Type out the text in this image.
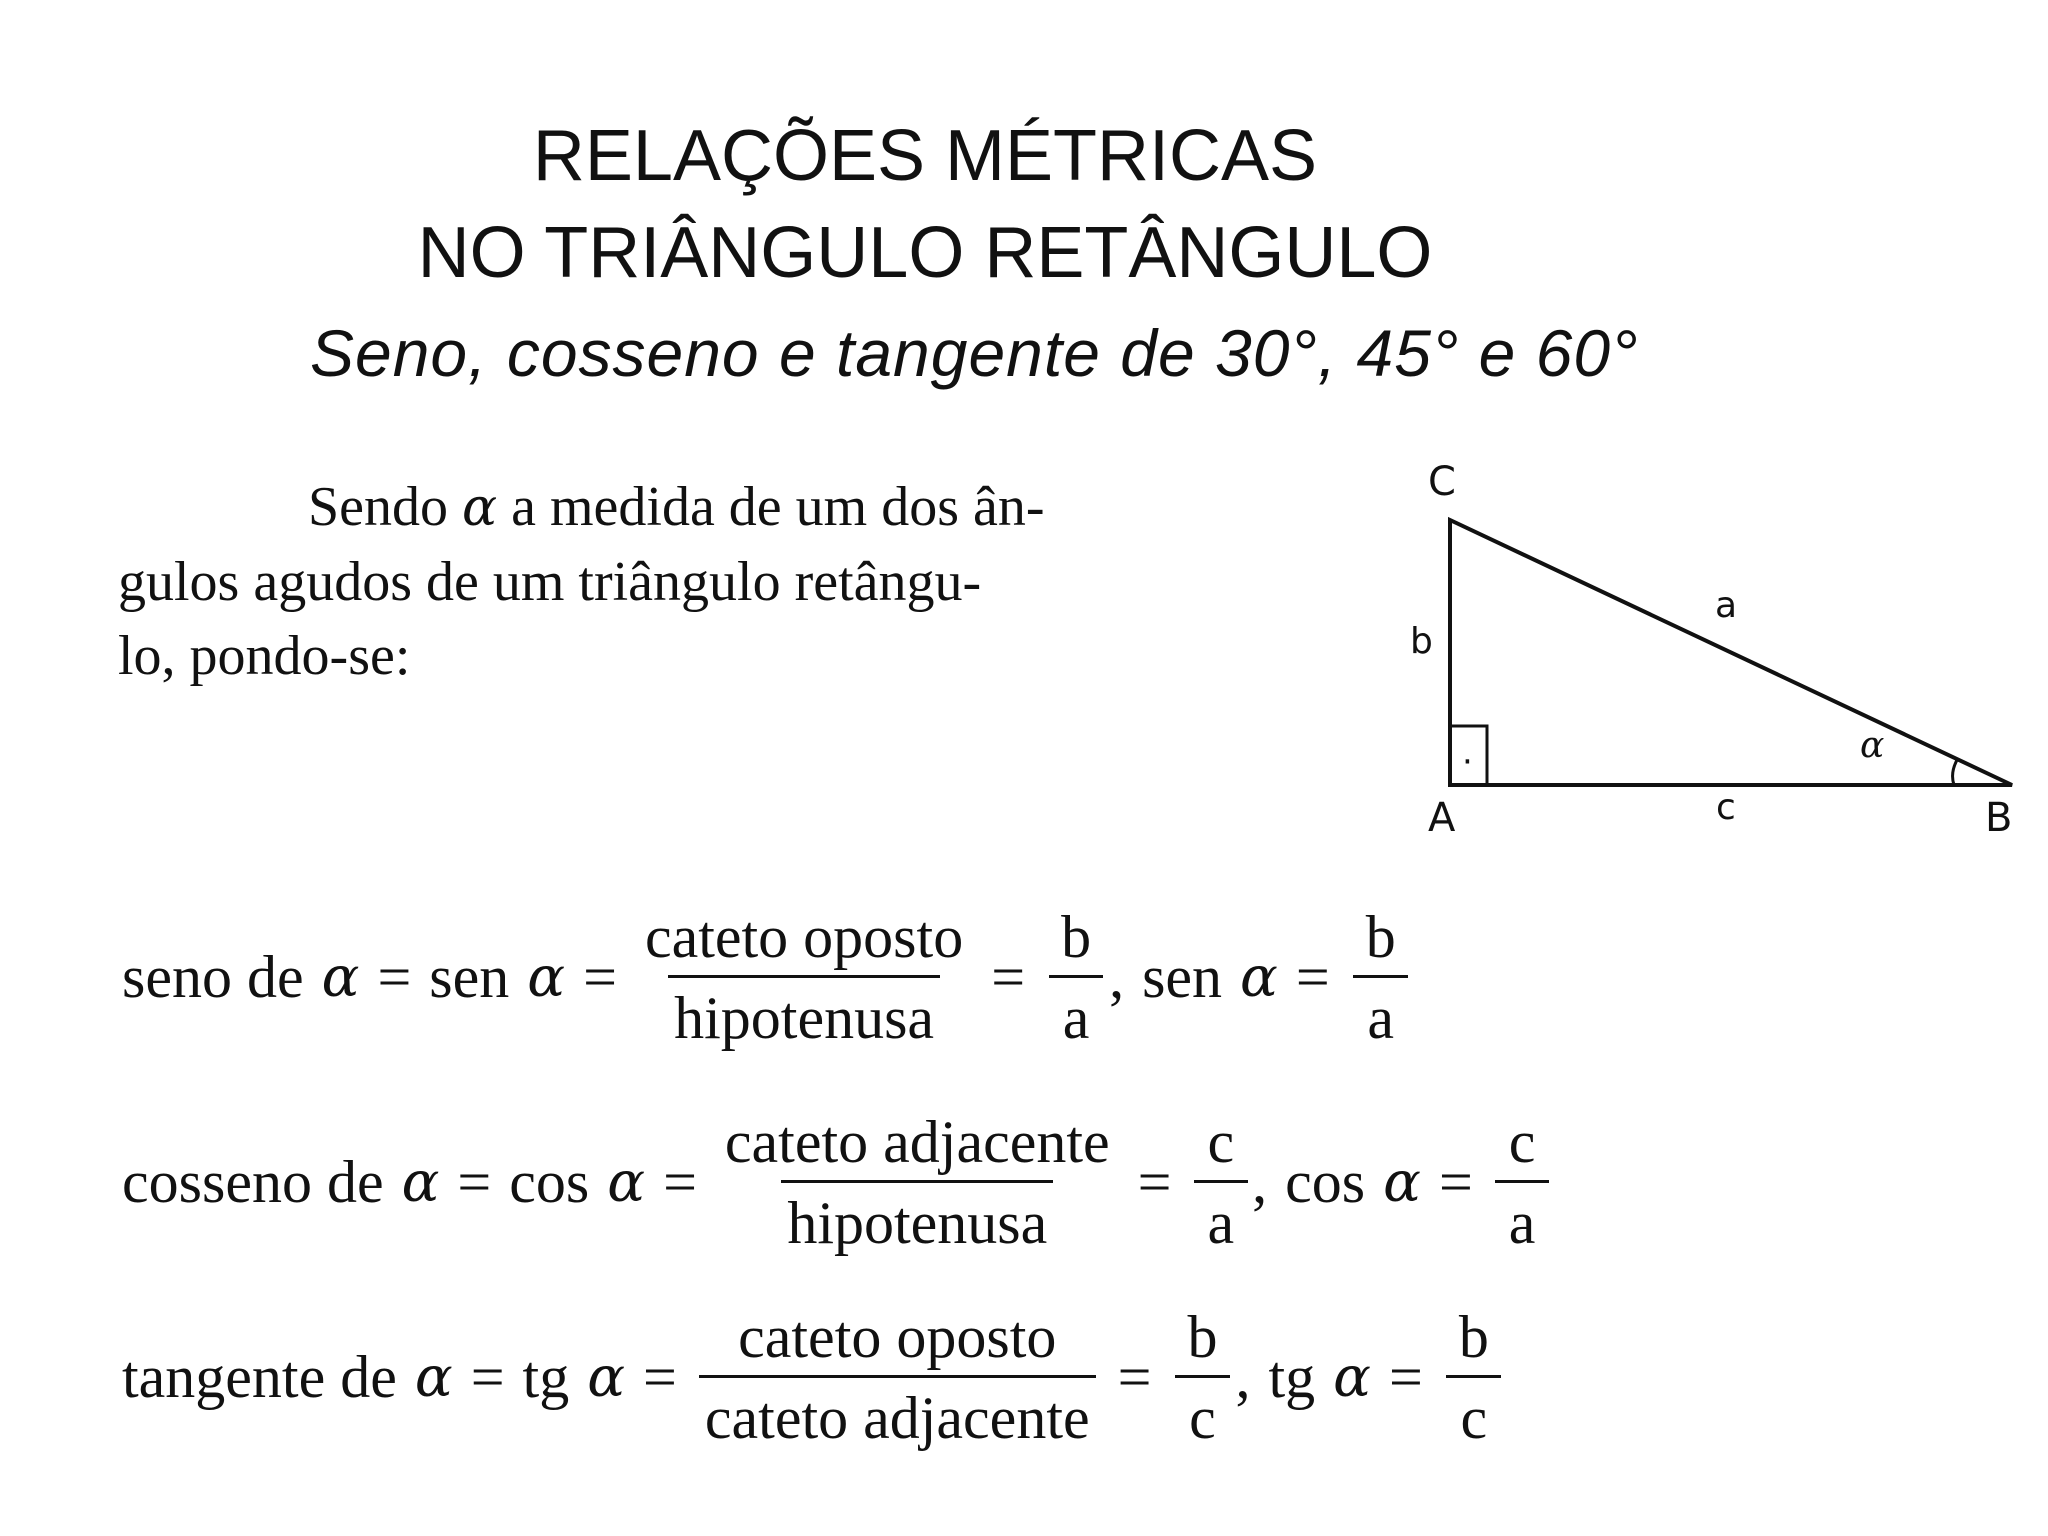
RELAÇÕES MÉTRICAS
NO TRIÂNGULO RETÂNGULO
Seno, cosseno e tangente de 30°, 45° e 60°

Sendo α a medida de um dos ân-

gulos agudos de um triângulo retângu-

lo, pondo-se:

·
C
A	B
a
b
c
α
seno de α = sen $\alpha = \frac{\text{cateto oposto}}{\text{hipotenusa}} = \frac{b}{a}$ , sen $\alpha = \frac{b}{a}$
cosseno de $\alpha = \cos \alpha = \frac{\text{cateto adjacente}}{\text{hipotenusa}} = \frac{c}{a}$ , $\cos \alpha = \frac{c}{a}$
tangente de α = tg $\alpha = \frac{\text{cateto oposto}}{\text{cateto adjacente}} = \frac{b}{c}$ , tg $\alpha = \frac{b}{c}$
